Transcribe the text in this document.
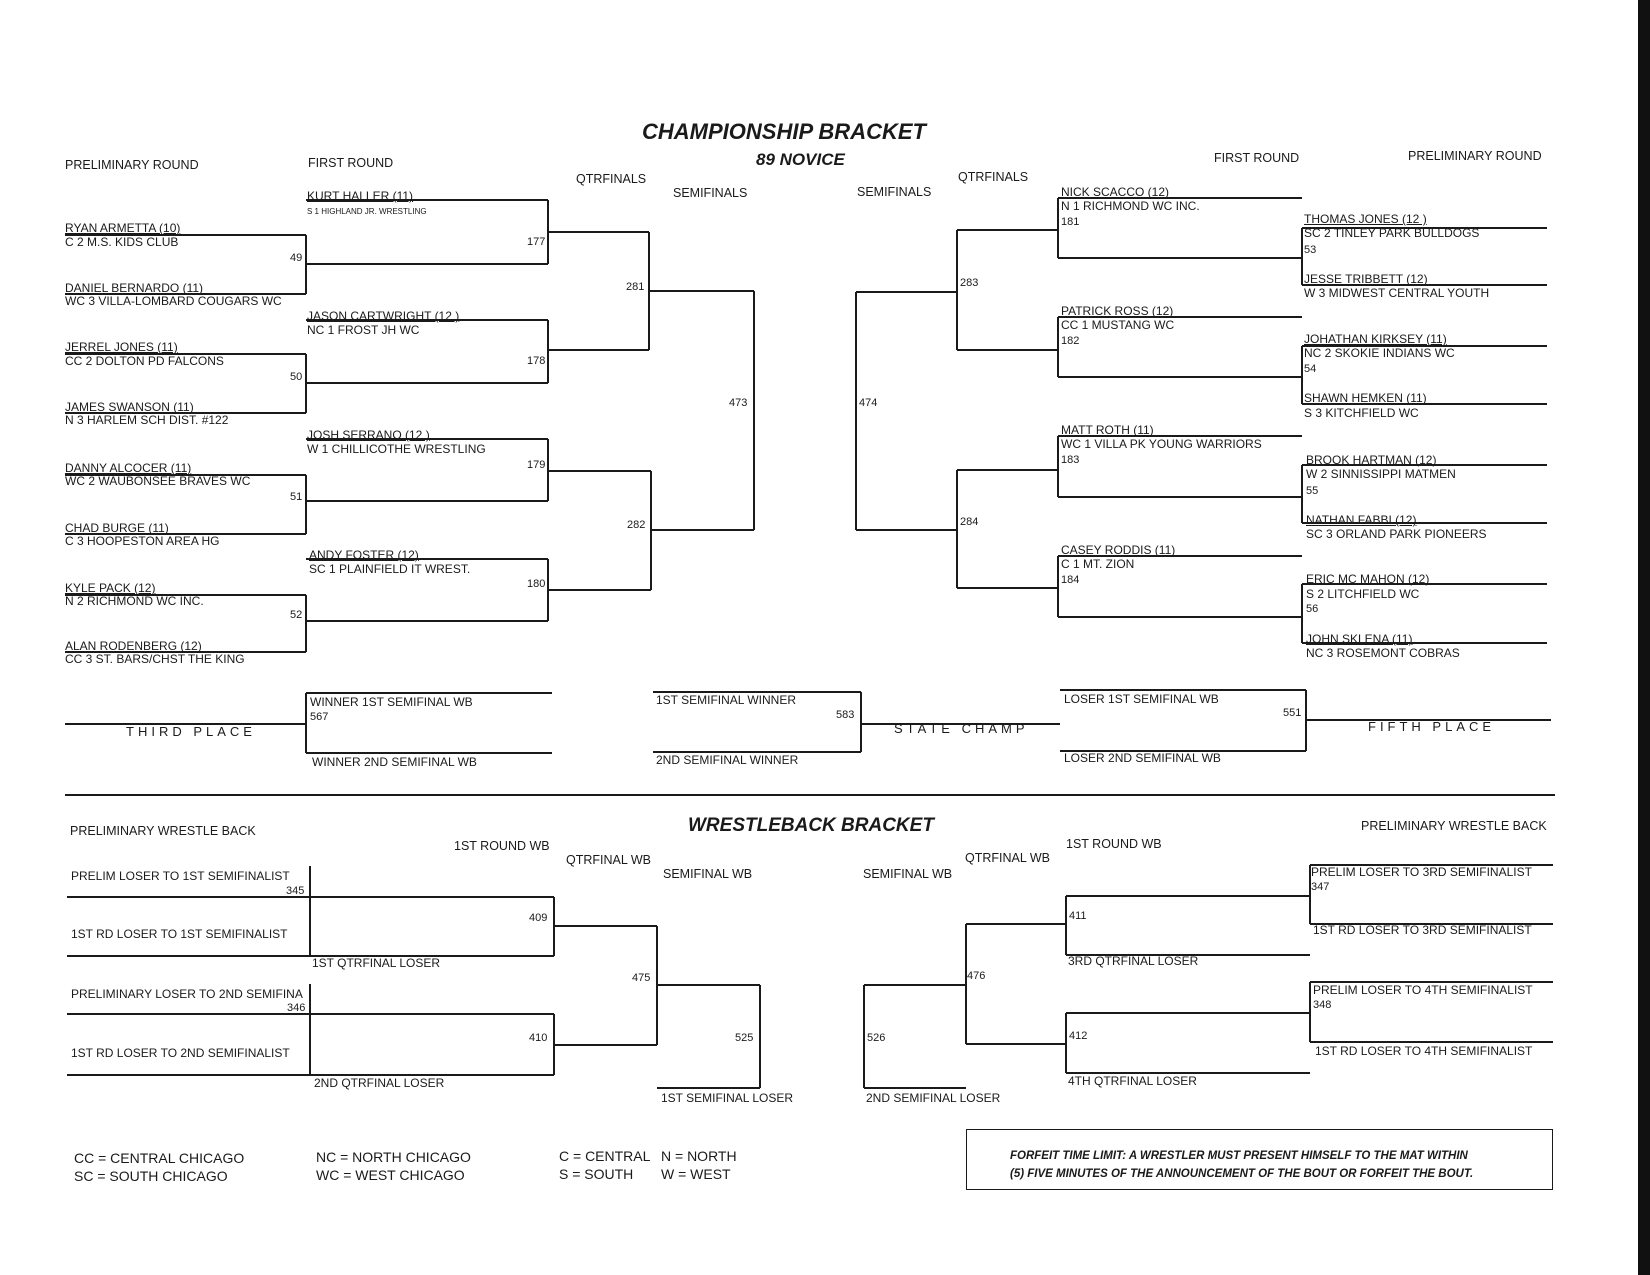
CHAMPIONSHIP BRACKET
89 NOVICE
PRELIMINARY ROUND	FIRST ROUND
QTRFINALS
SEMIFINALS	SEMIFINALS
QTRFINALS
FIRST ROUND	PRELIMINARY ROUND
RYAN ARMETTA (10)
C 2 M.S. KIDS CLUB
49
DANIEL BERNARDO (11)
WC 3 VILLA-LOMBARD COUGARS WC
JERREL JONES (11)
CC 2 DOLTON PD FALCONS
50
JAMES SWANSON (11)
N 3 HARLEM SCH DIST. #122
DANNY ALCOCER (11)
WC 2 WAUBONSEE BRAVES WC
51
CHAD BURGE (11)
C 3 HOOPESTON AREA HG
KYLE PACK (12)
N 2 RICHMOND WC INC.
52
ALAN RODENBERG (12)
CC 3 ST. BARS/CHST THE KING
KURT HALLER (11)
S 1 HIGHLAND JR. WRESTLING
177
JASON CARTWRIGHT (12 )
NC 1 FROST JH WC
178
JOSH SERRANO (12 )
W 1 CHILLICOTHE WRESTLING
179
ANDY FOSTER (12)
SC 1 PLAINFIELD IT WREST.
180
281
282
473	474
283
284
NICK SCACCO (12)
N 1 RICHMOND WC INC.
181
PATRICK ROSS (12)
CC 1 MUSTANG WC
182
MATT ROTH (11)
WC 1 VILLA PK YOUNG WARRIORS
183
CASEY RODDIS (11)
C 1 MT. ZION
184
THOMAS JONES (12 )
SC 2 TINLEY PARK BULLDOGS
53
JESSE TRIBBETT (12)
W 3 MIDWEST CENTRAL YOUTH
JOHATHAN KIRKSEY (11)
NC 2 SKOKIE INDIANS WC
54
SHAWN HEMKEN (11)
S 3 KITCHFIELD WC
BROOK HARTMAN (12)
W 2 SINNISSIPPI MATMEN
55
NATHAN FABBI (12)
SC 3 ORLAND PARK PIONEERS
ERIC MC MAHON (12)
S 2 LITCHFIELD WC
56
JOHN SKLENA (11)
NC 3 ROSEMONT COBRAS
THIRD PLACE
WINNER 1ST SEMIFINAL WB
567
WINNER 2ND SEMIFINAL WB
1ST SEMIFINAL WINNER
583
2ND SEMIFINAL WINNER
STATE CHAMP
LOSER 1ST SEMIFINAL WB
551
LOSER 2ND SEMIFINAL WB
FIFTH PLACE
WRESTLEBACK BRACKET
PRELIMINARY WRESTLE BACK
1ST ROUND WB
QTRFINAL WB
SEMIFINAL WB	SEMIFINAL WB
QTRFINAL WB
1ST ROUND WB
PRELIMINARY WRESTLE BACK
PRELIM LOSER TO 1ST SEMIFINALIST
345
1ST RD LOSER TO 1ST SEMIFINALIST
409
1ST QTRFINAL LOSER
PRELIMINARY LOSER TO 2ND SEMIFINA
346
1ST RD LOSER TO 2ND SEMIFINALIST
410
2ND QTRFINAL LOSER
475
525
1ST SEMIFINAL LOSER
526
2ND SEMIFINAL LOSER
476
411
3RD QTRFINAL LOSER
412
4TH QTRFINAL LOSER
PRELIM LOSER TO 3RD SEMIFINALIST
347
1ST RD LOSER TO 3RD SEMIFINALIST
PRELIM LOSER TO 4TH SEMIFINALIST
348
1ST RD LOSER TO 4TH SEMIFINALIST
CC = CENTRAL CHICAGO
SC = SOUTH CHICAGO
NC = NORTH CHICAGO
WC = WEST CHICAGO
C = CENTRAL N = NORTH
S = SOUTH W = WEST
FORFEIT TIME LIMIT: A WRESTLER MUST PRESENT HIMSELF TO THE MAT WITHIN
(5) FIVE MINUTES OF THE ANNOUNCEMENT OF THE BOUT OR FORFEIT THE BOUT.
